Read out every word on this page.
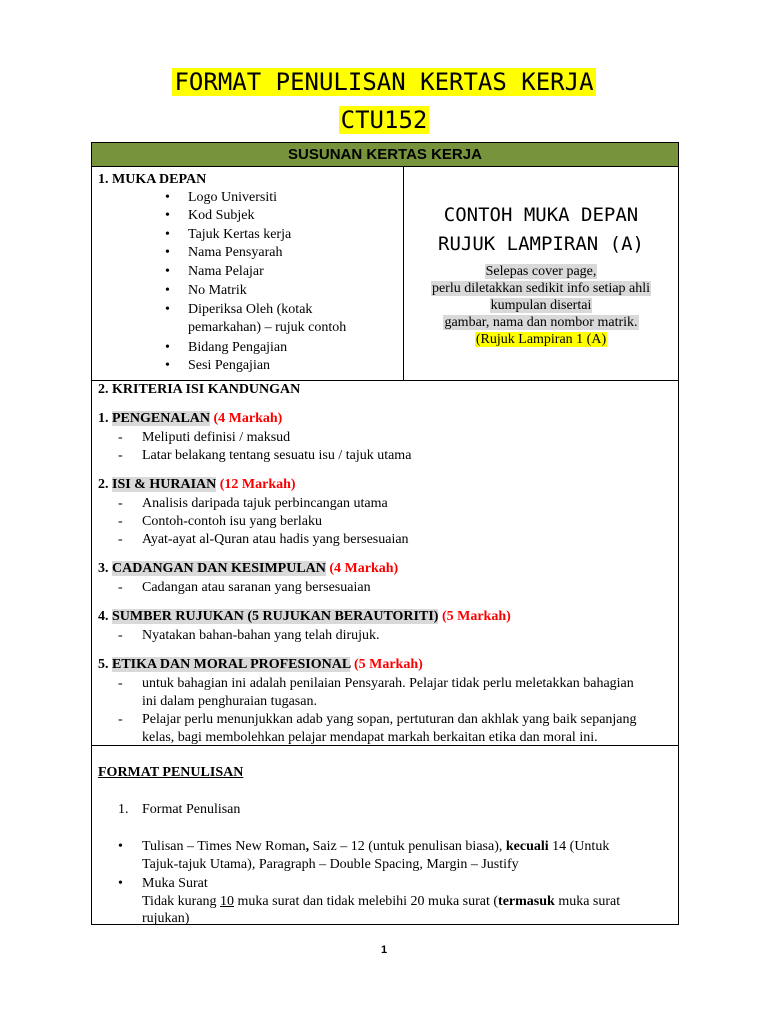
FORMAT PENULISAN KERTAS KERJA
CTU152
SUSUNAN KERTAS KERJA
1. MUKA DEPAN
• Logo Universiti
• Kod Subjek
• Tajuk Kertas kerja
• Nama Pensyarah
• Nama Pelajar
• No Matrik
• Diperiksa Oleh (kotak
pemarkahan) – rujuk contoh
• Bidang Pengajian
• Sesi Pengajian
CONTOH MUKA DEPAN
RUJUK LAMPIRAN (A)
Selepas cover page,
perlu diletakkan sedikit info setiap ahli
kumpulan disertai
gambar, nama dan nombor matrik.
(Rujuk Lampiran 1 (A)
2. KRITERIA ISI KANDUNGAN
1. PENGENALAN (4 Markah)
- Meliputi definisi / maksud
- Latar belakang tentang sesuatu isu / tajuk utama
2. ISI & HURAIAN (12 Markah)
- Analisis daripada tajuk perbincangan utama
- Contoh-contoh isu yang berlaku
- Ayat-ayat al-Quran atau hadis yang bersesuaian
3. CADANGAN DAN KESIMPULAN (4 Markah)
- Cadangan atau saranan yang bersesuaian
4. SUMBER RUJUKAN (5 RUJUKAN BERAUTORITI) (5 Markah)
- Nyatakan bahan-bahan yang telah dirujuk.
5. ETIKA DAN MORAL PROFESIONAL (5 Markah)
- untuk bahagian ini adalah penilaian Pensyarah. Pelajar tidak perlu meletakkan bahagian
ini dalam penghuraian tugasan.
- Pelajar perlu menunjukkan adab yang sopan, pertuturan dan akhlak yang baik sepanjang
kelas, bagi membolehkan pelajar mendapat markah berkaitan etika dan moral ini.
FORMAT PENULISAN
1. Format Penulisan
• Tulisan – Times New Roman, Saiz – 12 (untuk penulisan biasa), kecuali 14 (Untuk
Tajuk-tajuk Utama), Paragraph – Double Spacing, Margin – Justify
• Muka Surat
Tidak kurang 10 muka surat dan tidak melebihi 20 muka surat (termasuk muka surat
rujukan)
1
